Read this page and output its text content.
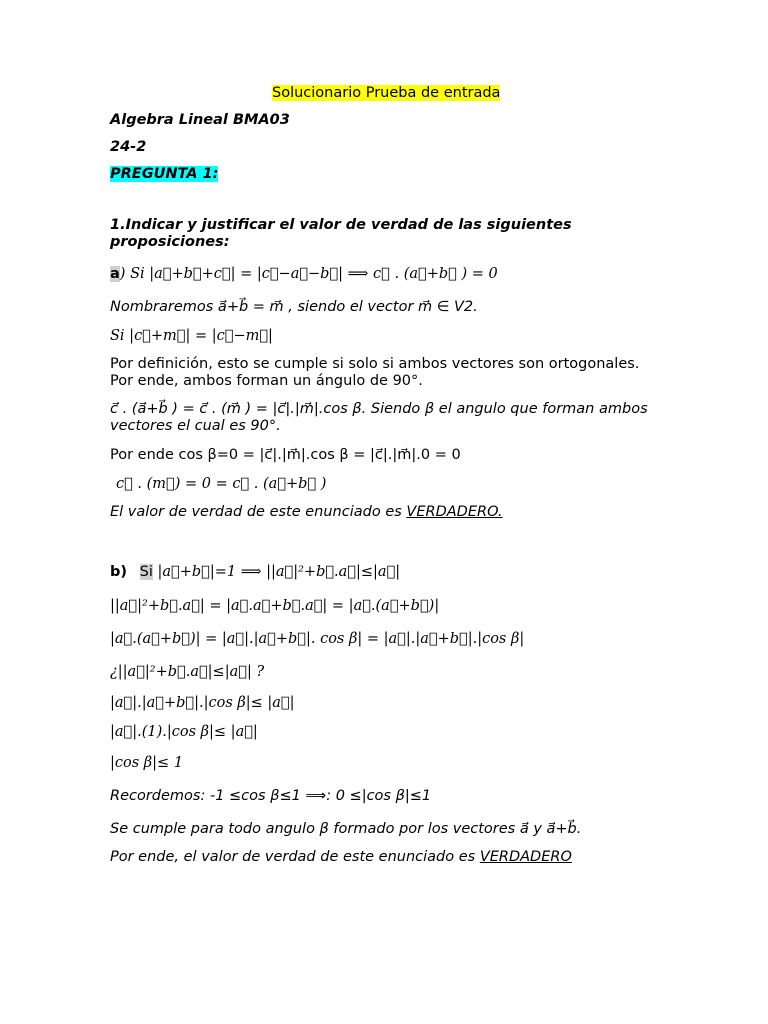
Solucionario Prueba de entrada
Algebra Lineal BMA03
24-2
PREGUNTA 1:
1.Indicar y justificar el valor de verdad de las siguientes proposiciones:
a) Si |a⃗+b⃗+c⃗| = |c⃗−a⃗−b⃗| ⟹ c⃗ . (a⃗+b⃗ ) = 0
Nombraremos a⃗+b⃗ = m⃗ , siendo el vector m⃗ ∈ V2.
Si |c⃗+m⃗| = |c⃗−m⃗|
Por definición, esto se cumple si solo si ambos vectores son ortogonales. Por ende, ambos forman un ángulo de 90°.
c⃗ . (a⃗+b⃗ ) = c⃗ . (m⃗ ) = |c⃗|.|m⃗|.cos β. Siendo β el angulo que forman ambos vectores el cual es 90°.
Por ende cos β=0 = |c⃗|.|m⃗|.cos β = |c⃗|.|m⃗|.0 = 0
c⃗ . (m⃗) = 0 = c⃗ . (a⃗+b⃗ )
El valor de verdad de este enunciado es VERDADERO.
b) Si |a⃗+b⃗|=1 ⟹ ||a⃗|²+b⃗.a⃗|≤|a⃗|
||a⃗|²+b⃗.a⃗| = |a⃗.a⃗+b⃗.a⃗| = |a⃗.(a⃗+b⃗)|
|a⃗.(a⃗+b⃗)| = |a⃗|.|a⃗+b⃗|. cos β| = |a⃗|.|a⃗+b⃗|.|cos β|
¿||a⃗|²+b⃗.a⃗|≤|a⃗| ?
|a⃗|.|a⃗+b⃗|.|cos β|≤ |a⃗|
|a⃗|.(1).|cos β|≤ |a⃗|
|cos β|≤ 1
Recordemos: -1 ≤cos β≤1 ⟹: 0 ≤|cos β|≤1
Se cumple para todo angulo β formado por los vectores a⃗ y a⃗+b⃗.
Por ende, el valor de verdad de este enunciado es VERDADERO
